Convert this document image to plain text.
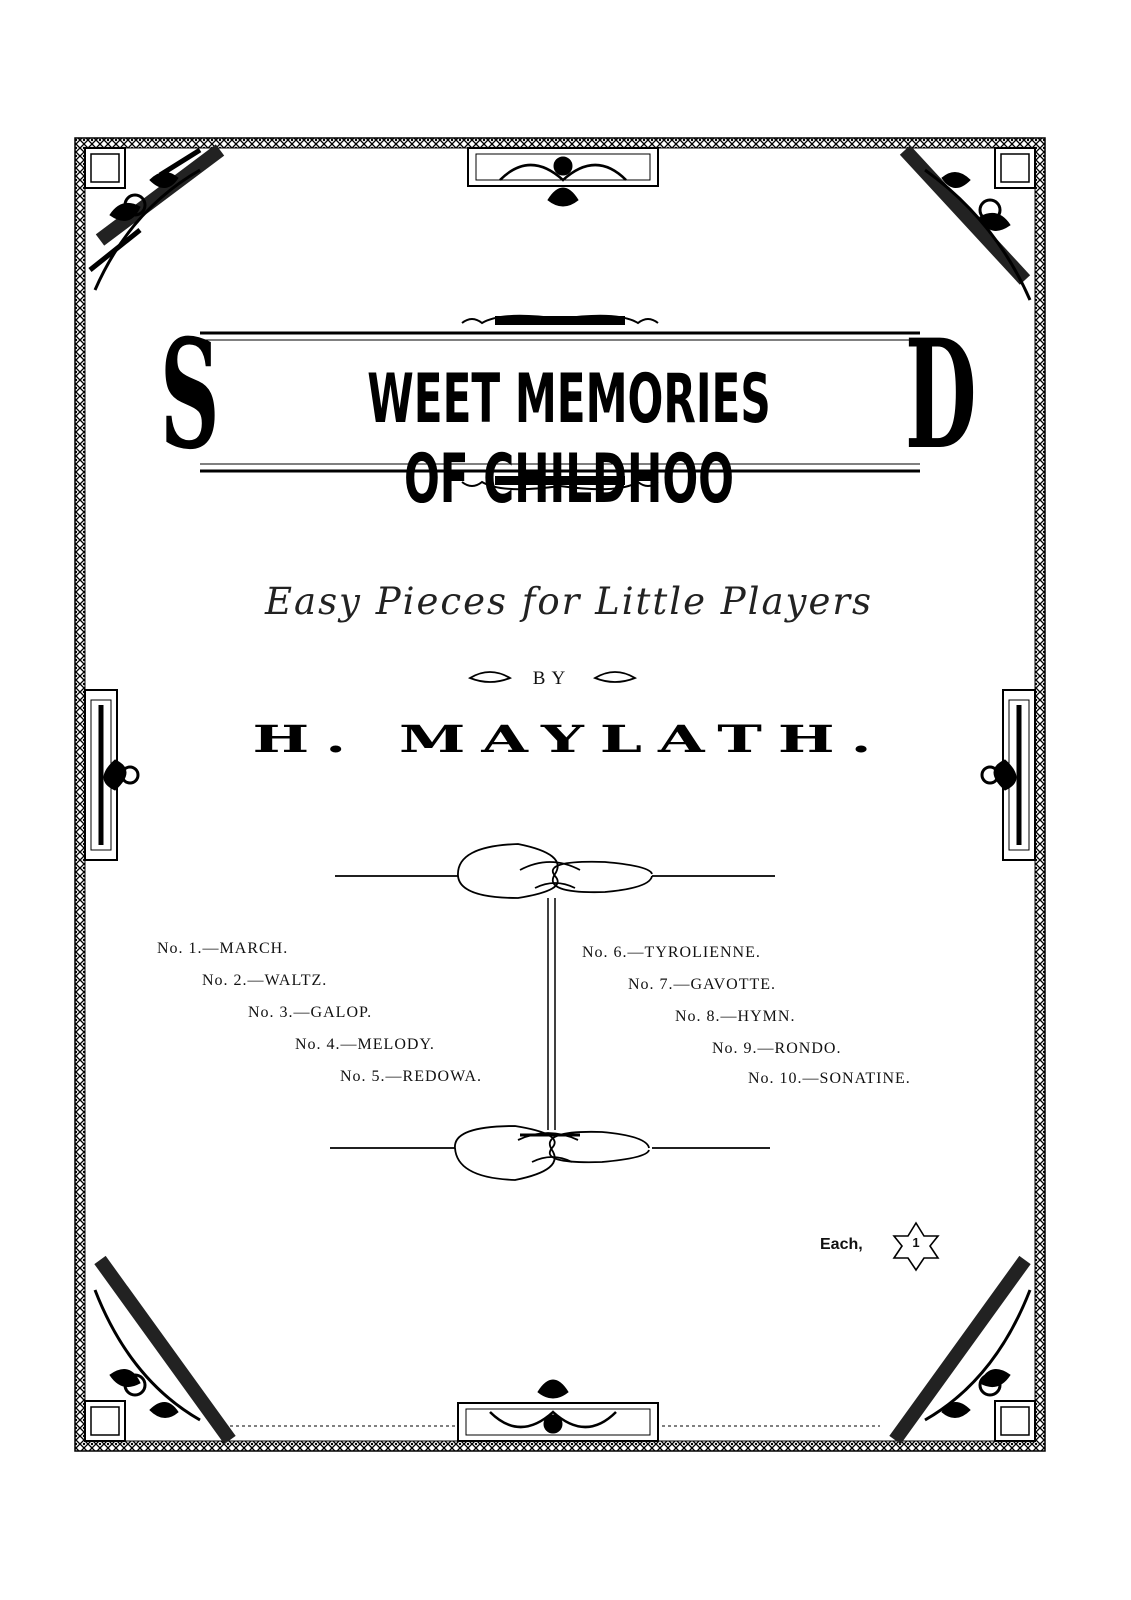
S	WEET MEMORIES OF CHILDHOO	D
Easy Pieces for Little Players
BY
H. MAYLATH.
No. 1.—MARCH.
No. 2.—WALTZ.
No. 3.—GALOP.
No. 4.—MELODY.
No. 5.—REDOWA.
No. 6.—TYROLIENNE.
No. 7.—GAVOTTE.
No. 8.—HYMN.
No. 9.—RONDO.
No. 10.—SONATINE.
Each,	1
